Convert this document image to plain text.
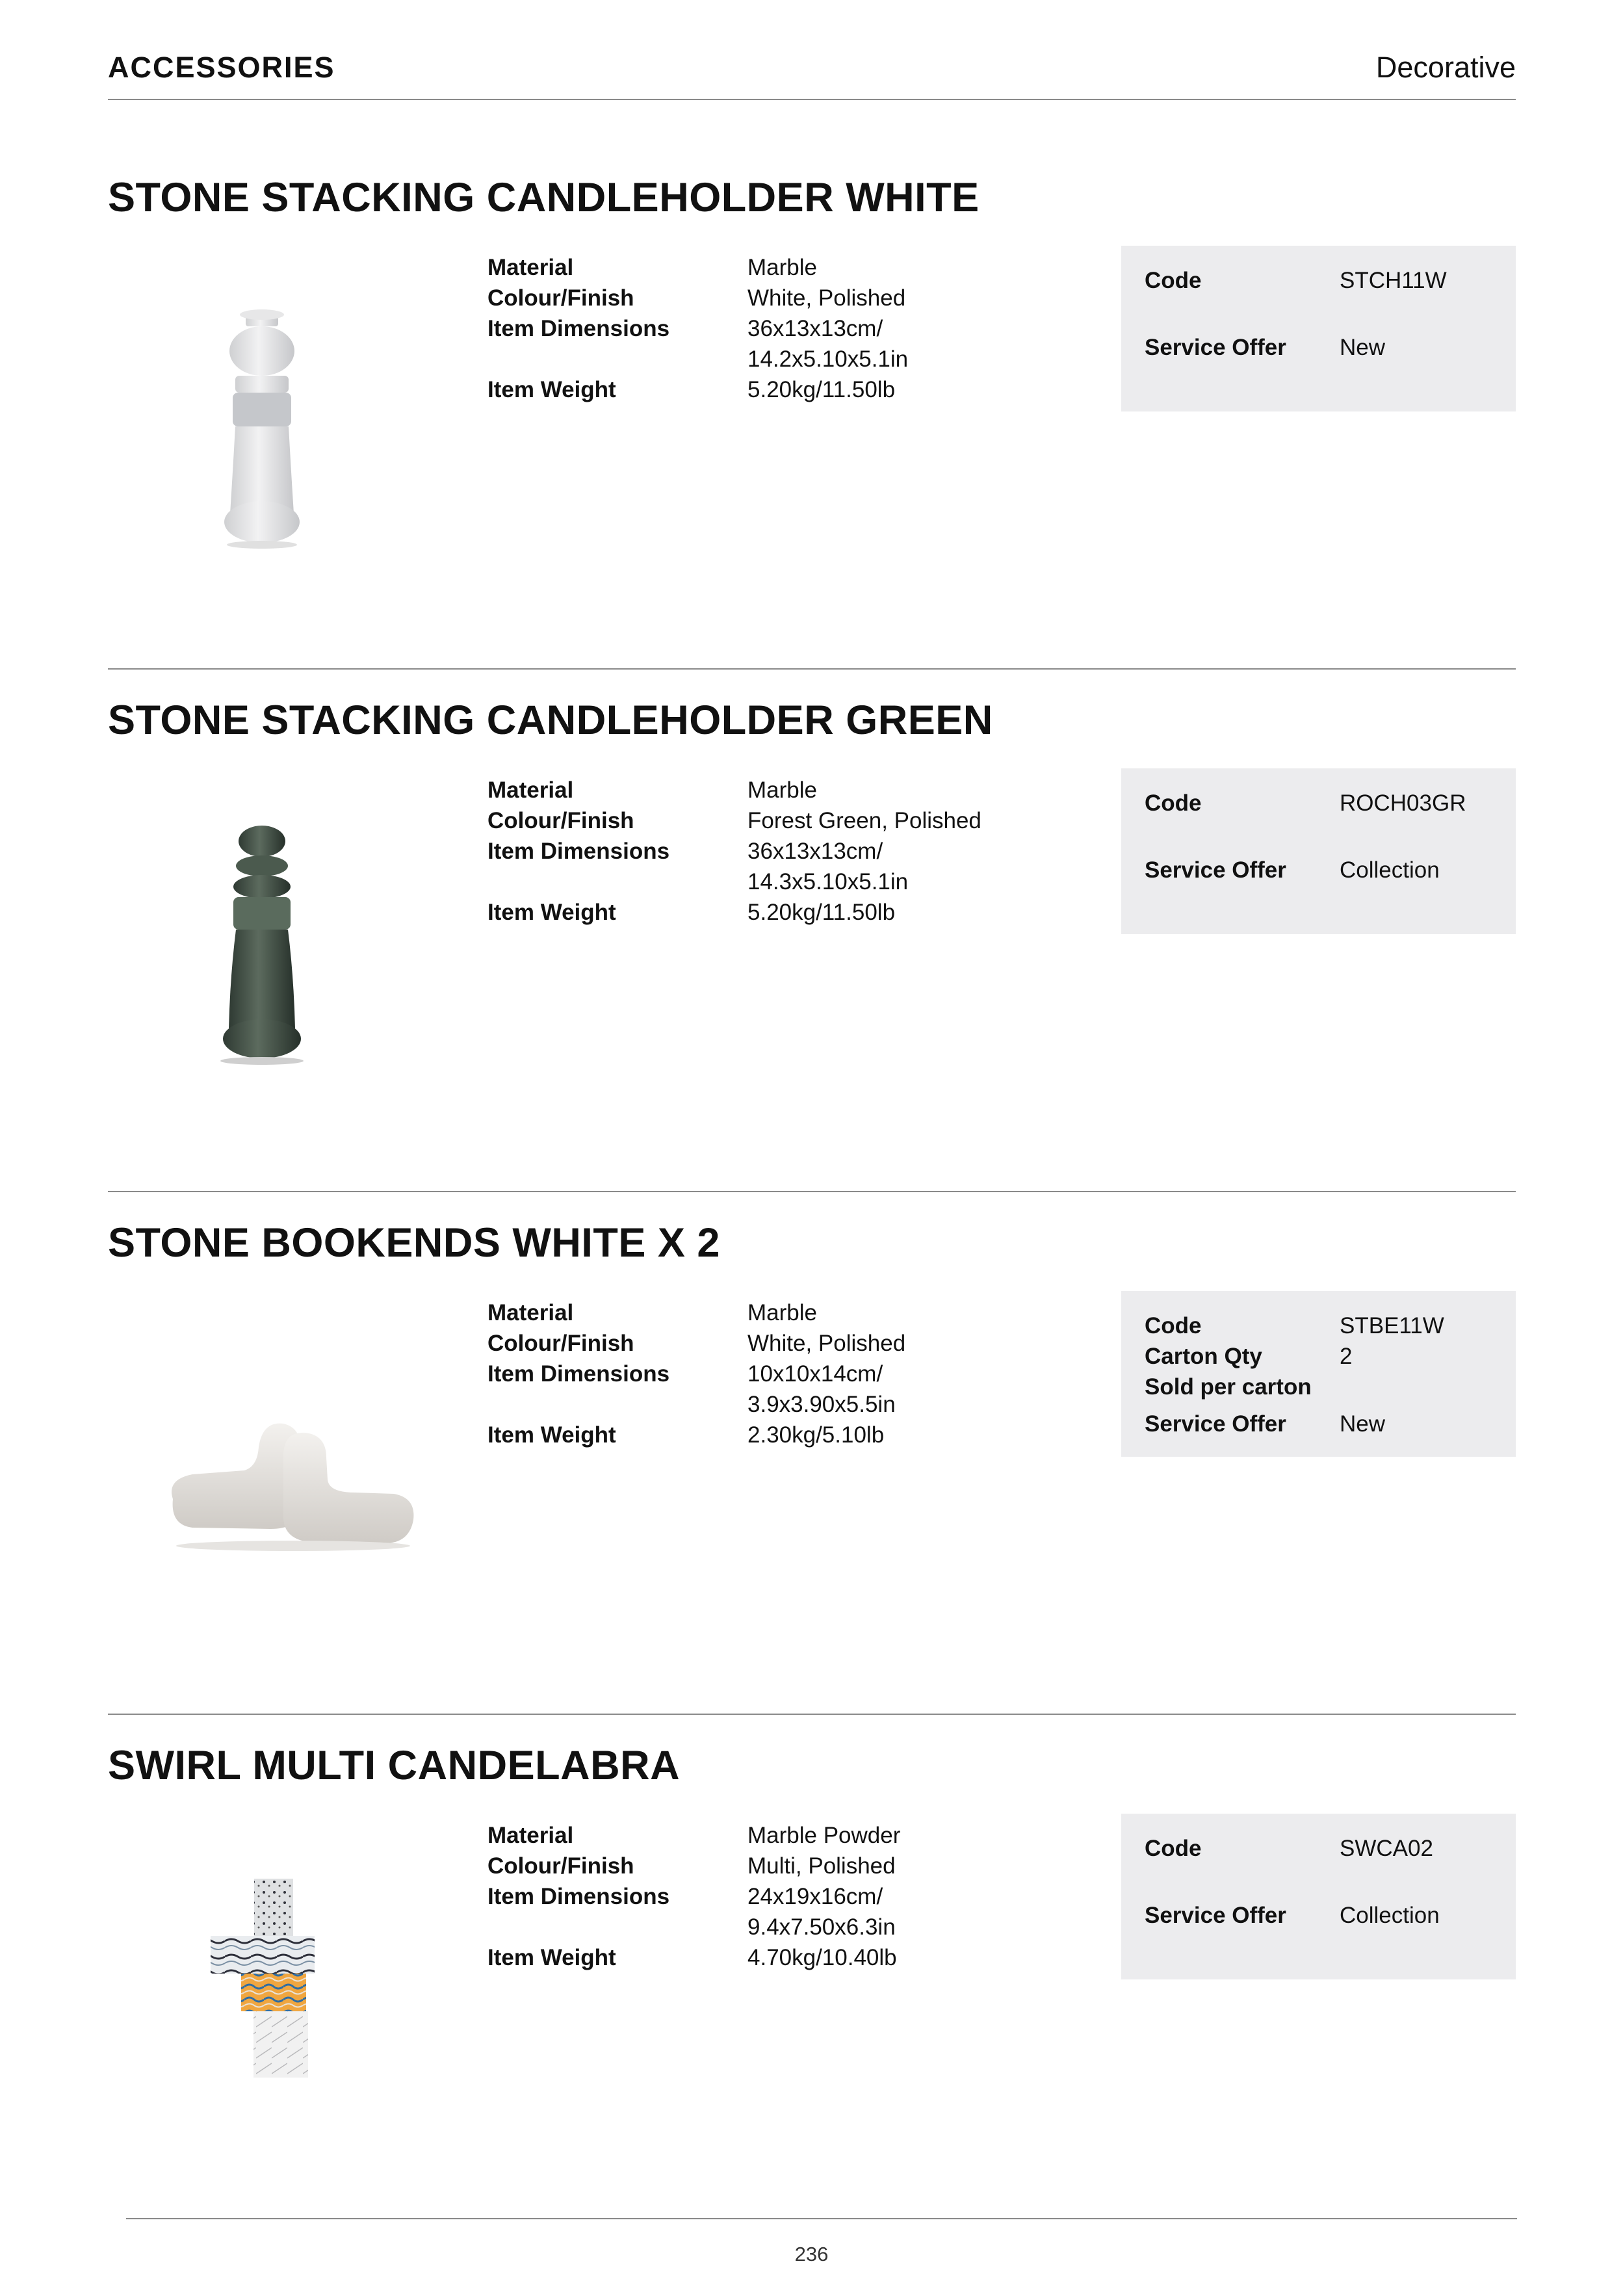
ACCESSORIES	Decorative
STONE STACKING CANDLEHOLDER WHITE
Material	Marble
Colour/Finish	White, Polished
Item Dimensions	36x13x13cm/
14.2x5.10x5.1in
Item Weight	5.20kg/11.50lb
Code	STCH11W
Service Offer	New
STONE STACKING CANDLEHOLDER GREEN
Material	Marble
Colour/Finish	Forest Green, Polished
Item Dimensions	36x13x13cm/
14.3x5.10x5.1in
Item Weight	5.20kg/11.50lb
Code	ROCH03GR
Service Offer	Collection
STONE BOOKENDS WHITE X 2
Material	Marble
Colour/Finish	White, Polished
Item Dimensions	10x10x14cm/
3.9x3.90x5.5in
Item Weight	2.30kg/5.10lb
Code	STBE11W
Carton Qty	2
Sold per carton
Service Offer	New
SWIRL MULTI CANDELABRA
Material	Marble Powder
Colour/Finish	Multi, Polished
Item Dimensions	24x19x16cm/
9.4x7.50x6.3in
Item Weight	4.70kg/10.40lb
Code	SWCA02
Service Offer	Collection
236
